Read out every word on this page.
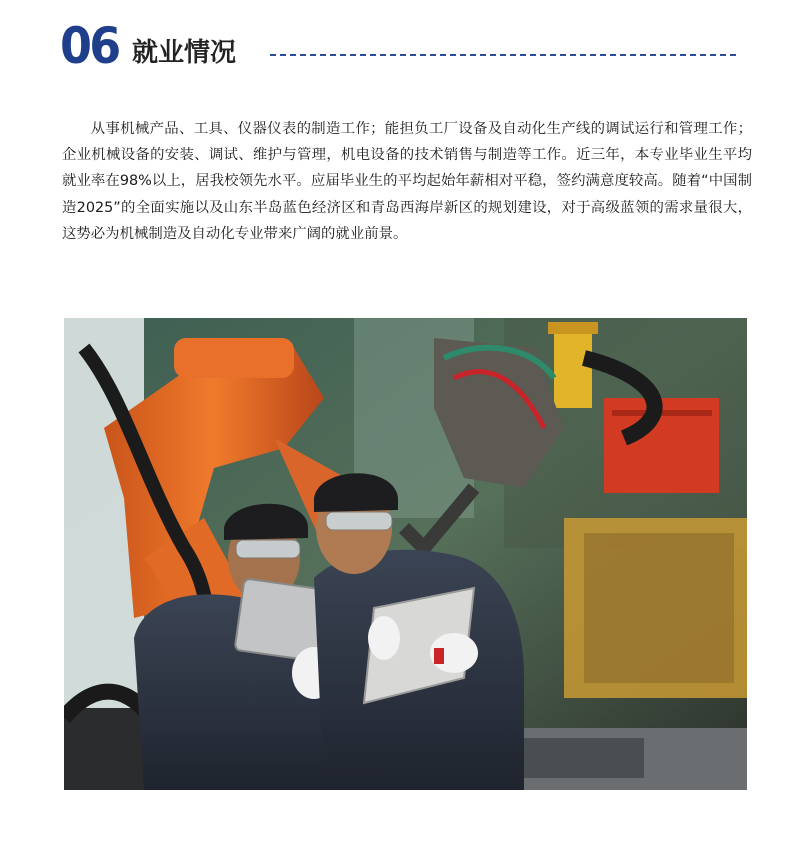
06 就业情况

从事机械产品、工具、仪器仪表的制造工作；能担负工厂设备及自动化生产线的调试运行和管理工作；企业机械设备的安装、调试、维护与管理，机电设备的技术销售与制造等工作。近三年，本专业毕业生平均就业率在98%以上，居我校领先水平。应届毕业生的平均起始年薪相对平稳，签约满意度较高。随着“中国制造2025”的全面实施以及山东半岛蓝色经济区和青岛西海岸新区的规划建设，对于高级蓝领的需求量很大，这势必为机械制造及自动化专业带来广阔的就业前景。
